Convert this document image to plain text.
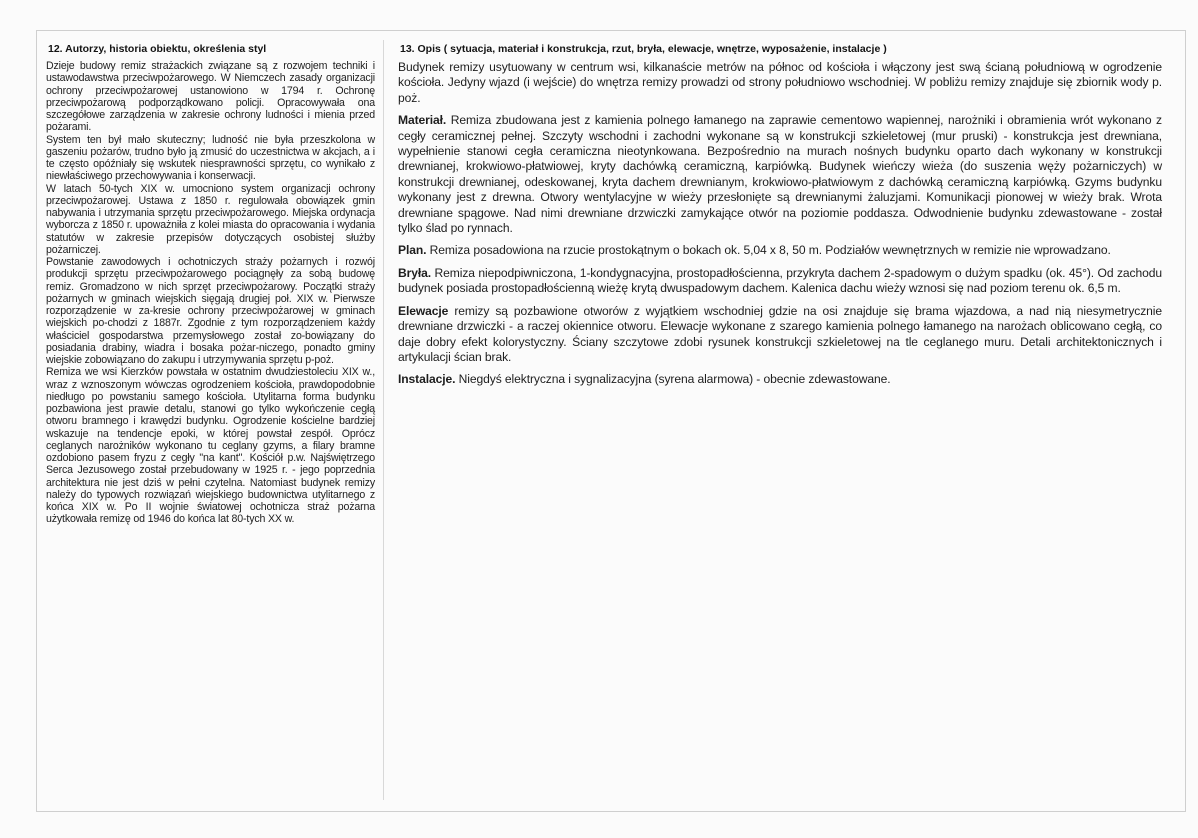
12. Autorzy, historia obiektu, określenia styl

Dzieje budowy remiz strażackich związane są z rozwojem techniki i ustawodawstwa przeciwpożarowego. W Niemczech zasady organizacji ochrony przeciwpożarowej ustanowiono w 1794 r. Ochronę przeciwpożarową podporządkowano policji. Opracowywała ona szczegółowe zarządzenia w zakresie ochrony ludności i mienia przed pożarami.

System ten był mało skuteczny; ludność nie była przeszkolona w gaszeniu pożarów, trudno było ją zmusić do uczestnictwa w akcjach, a i te często opóźniały się wskutek niesprawności sprzętu, co wynikało z niewłaściwego przechowywania i konserwacji.

W latach 50-tych XIX w. umocniono system organizacji ochrony przeciwpożarowej. Ustawa z 1850 r. regulowała obowiązek gmin nabywania i utrzymania sprzętu przeciwpożarowego. Miejska ordynacja wyborcza z 1850 r. upoważniła z kolei miasta do opracowania i wydania statutów w zakresie przepisów dotyczących osobistej służby pożarniczej.

Powstanie zawodowych i ochotniczych straży pożarnych i rozwój produkcji sprzętu przeciwpożarowego pociągnęły za sobą budowę remiz. Gromadzono w nich sprzęt przeciwpożarowy. Początki straży pożarnych w gminach wiejskich sięgają drugiej poł. XIX w. Pierwsze rozporządzenie w za-kresie ochrony przeciwpożarowej w gminach wiejskich po-chodzi z 1887r. Zgodnie z tym rozporządzeniem każdy właściciel gospodarstwa przemysłowego został zo-bowiązany do posiadania drabiny, wiadra i bosaka pożar-niczego, ponadto gminy wiejskie zobowiązano do zakupu i utrzymywania sprzętu p-poż.

Remiza we wsi Kierzków powstała w ostatnim dwudziestoleciu XIX w., wraz z wznoszonym wówczas ogrodzeniem kościoła, prawdopodobnie niedługo po powstaniu samego kościoła. Utylitarna forma budynku pozbawiona jest prawie detalu, stanowi go tylko wykończenie cegłą otworu bramnego i krawędzi budynku. Ogrodzenie kościelne bardziej wskazuje na tendencje epoki, w której powstał zespół. Oprócz ceglanych narożników wykonano tu ceglany gzyms, a filary bramne ozdobiono pasem fryzu z cegły "na kant". Kościół p.w. Najświętrzego Serca Jezusowego został przebudowany w 1925 r. - jego poprzednia architektura nie jest dziś w pełni czytelna. Natomiast budynek remizy należy do typowych rozwiązań wiejskiego budownictwa utylitarnego z końca XIX w. Po II wojnie światowej ochotnicza straż pożarna użytkowała remizę od 1946 do końca lat 80-tych XX w.

13. Opis ( sytuacja, materiał i konstrukcja, rzut, bryła, elewacje, wnętrze, wyposażenie, instalacje )

Budynek remizy usytuowany w centrum wsi, kilkanaście metrów na północ od kościoła i włączony jest swą ścianą południową w ogrodzenie kościoła. Jedyny wjazd (i wejście) do wnętrza remizy prowadzi od strony południowo wschodniej. W pobliżu remizy znajduje się zbiornik wody p. poż.

Materiał. Remiza zbudowana jest z kamienia polnego łamanego na zaprawie cementowo wapiennej, narożniki i obramienia wrót wykonano z cegły ceramicznej pełnej. Szczyty wschodni i zachodni wykonane są w konstrukcji szkieletowej (mur pruski) - konstrukcja jest drewniana, wypełnienie stanowi cegła ceramiczna nieotynkowana. Bezpośrednio na murach nośnych budynku oparto dach wykonany w konstrukcji drewnianej, krokwiowo-płatwiowej, kryty dachówką ceramiczną, karpiówką. Budynek wieńczy wieża (do suszenia węży pożarniczych) w konstrukcji drewnianej, odeskowanej, kryta dachem drewnianym, krokwiowo-płatwiowym z dachówką ceramiczną karpiówką. Gzyms budynku wykonany jest z drewna. Otwory wentylacyjne w wieży przesłonięte są drewnianymi żaluzjami. Komunikacji pionowej w wieży brak. Wrota drewniane spągowe. Nad nimi drewniane drzwiczki zamykające otwór na poziomie poddasza. Odwodnienie budynku zdewastowane - został tylko ślad po rynnach.

Plan. Remiza posadowiona na rzucie prostokątnym o bokach ok. 5,04 x 8, 50 m. Podziałów wewnętrznych w remizie nie wprowadzano.

Bryła. Remiza niepodpiwniczona, 1-kondygnacyjna, prostopadłościenna, przykryta dachem 2-spadowym o dużym spadku (ok. 45°). Od zachodu budynek posiada prostopadłościenną wieżę krytą dwuspadowym dachem. Kalenica dachu wieży wznosi się nad poziom terenu ok. 6,5 m.

Elewacje remizy są pozbawione otworów z wyjątkiem wschodniej gdzie na osi znajduje się brama wjazdowa, a nad nią niesymetrycznie drewniane drzwiczki - a raczej okiennice otworu. Elewacje wykonane z szarego kamienia polnego łamanego na narożach oblicowano cegłą, co daje dobry efekt kolorystyczny. Ściany szczytowe zdobi rysunek konstrukcji szkieletowej na tle ceglanego muru. Detali architektonicznych i artykulacji ścian brak.

Instalacje. Niegdyś elektryczna i sygnalizacyjna (syrena alarmowa) - obecnie zdewastowane.
